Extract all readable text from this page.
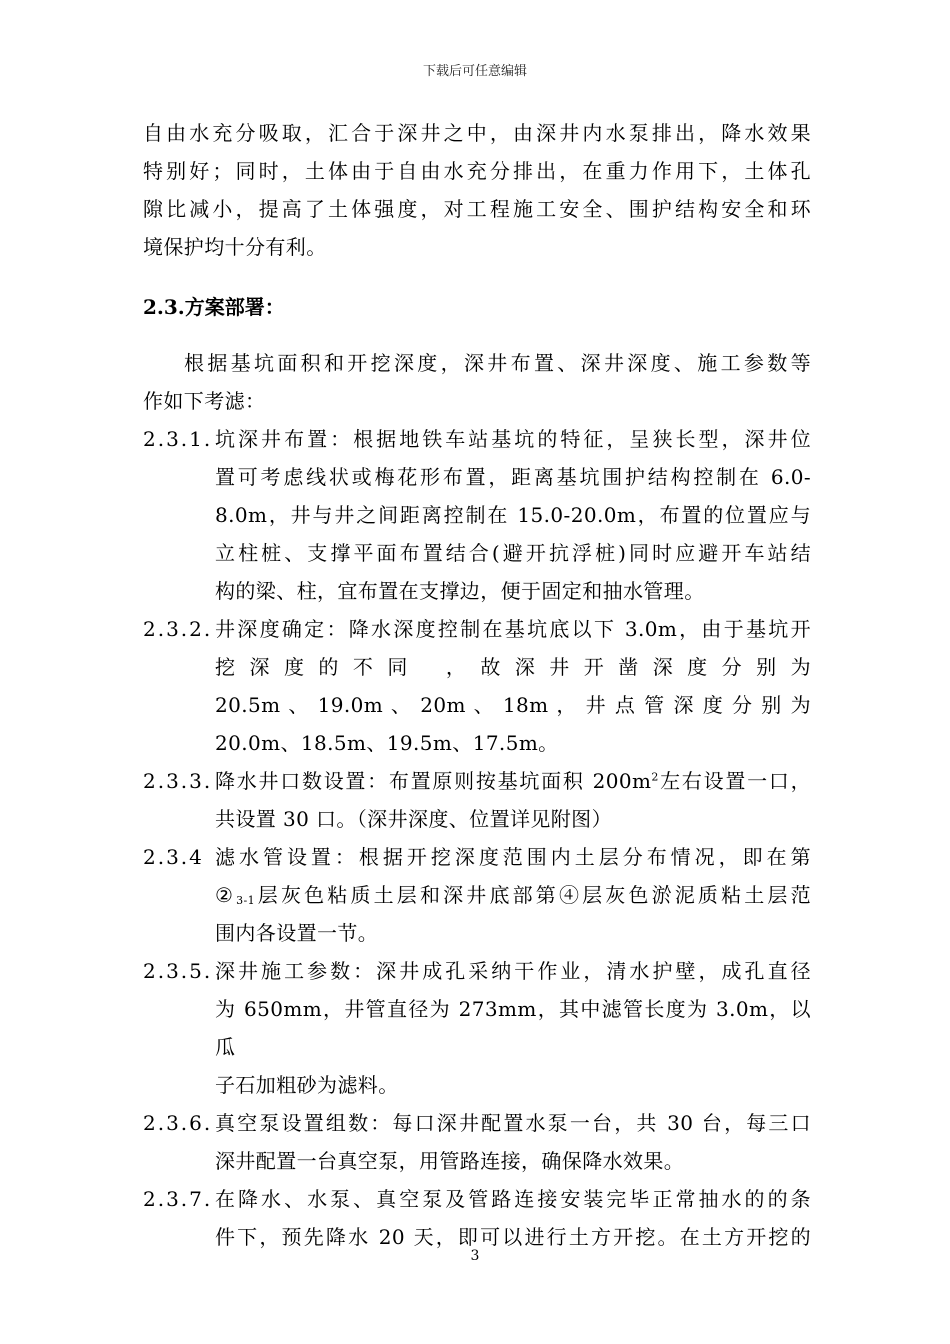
下载后可任意编辑
自由水充分吸取，汇合于深井之中，由深井内水泵排出，降水效果
特别好；同时，土体由于自由水充分排出，在重力作用下，土体孔
隙比减小，提高了土体强度，对工程施工安全、围护结构安全和环
境保护均十分有利。
2.3.方案部署：
根据基坑面积和开挖深度，深井布置、深井深度、施工参数等
作如下考滤：
2.3.1. 坑深井布置：根据地铁车站基坑的特征，呈狭长型，深井位
置可考虑线状或梅花形布置，距离基坑围护结构控制在 6.0-
8.0m，井与井之间距离控制在 15.0-20.0m，布置的位置应与
立柱桩、支撑平面布置结合(避开抗浮桩)同时应避开车站结
构的梁、柱，宜布置在支撑边，便于固定和抽水管理。
2.3.2. 井深度确定：降水深度控制在基坑底以下 3.0m，由于基坑开
挖 深 度 的 不 同　 ， 故 深 井 开 凿 深 度 分 别 为
20.5m 、 19.0m 、 20m 、 18m ， 井 点 管 深 度 分 别 为
20.0m、18.5m、19.5m、17.5m。
2.3.3. 降水井口数设置：布置原则按基坑面积 $200m^2$左右设置一口，
共设置 30 口。（深井深度、位置详见附图）
2.3.4 滤水管设置：根据开挖深度范围内土层分布情况，即在第
②3-1层灰色粘质土层和深井底部第④层灰色淤泥质粘土层范
围内各设置一节。
2.3.5. 深井施工参数：深井成孔采纳干作业，清水护壁，成孔直径
为 650mm，井管直径为 273mm，其中滤管长度为 3.0m，以瓜
子石加粗砂为滤料。
2.3.6. 真空泵设置组数：每口深井配置水泵一台，共 30 台，每三口
深井配置一台真空泵，用管路连接，确保降水效果。
2.3.7. 在降水、水泵、真空泵及管路连接安装完毕正常抽水的的条
件下，预先降水 20 天，即可以进行土方开挖。在土方开挖的
3
